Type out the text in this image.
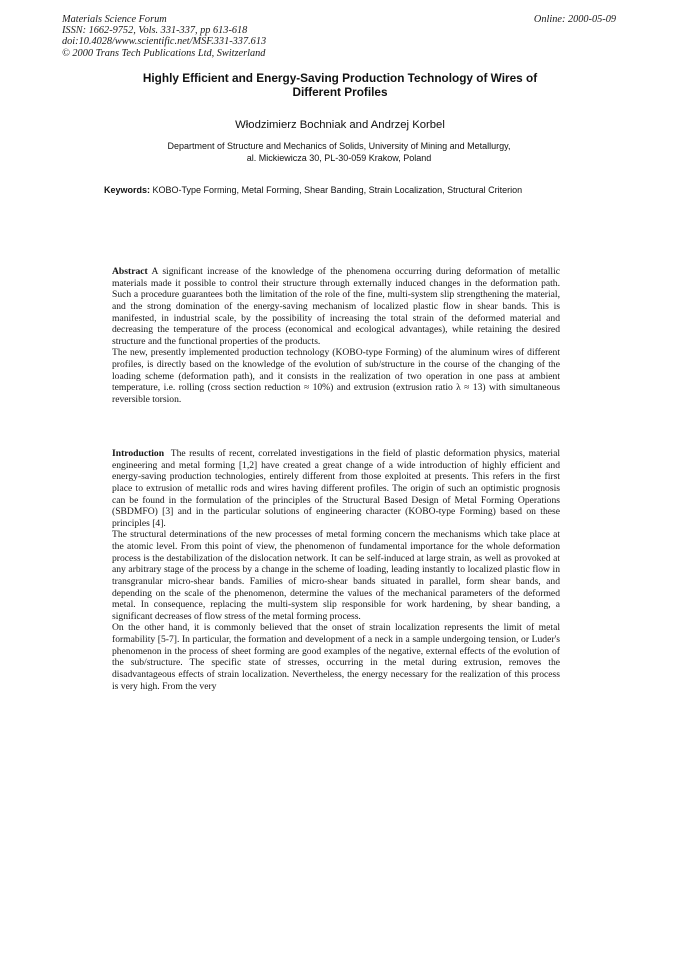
Materials Science Forum
ISSN: 1662-9752, Vols. 331-337, pp 613-618
doi:10.4028/www.scientific.net/MSF.331-337.613
© 2000 Trans Tech Publications Ltd, Switzerland
Online: 2000-05-09
Highly Efficient and Energy-Saving Production Technology of Wires of
Different Profiles
Włodzimierz Bochniak and Andrzej Korbel
Department of Structure and Mechanics of Solids, University of Mining and Metallurgy,
al. Mickiewicza 30, PL-30-059 Krakow, Poland
Keywords: KOBO-Type Forming, Metal Forming, Shear Banding, Strain Localization, Structural Criterion

Abstract A significant increase of the knowledge of the phenomena occurring during deformation of metallic materials made it possible to control their structure through externally induced changes in the deformation path. Such a procedure guarantees both the limitation of the role of the fine, multi-system slip strengthening the material, and the strong domination of the energy-saving mechanism of localized plastic flow in shear bands. This is manifested, in industrial scale, by the possibility of increasing the total strain of the deformed material and decreasing the temperature of the process (economical and ecological advantages), while retaining the desired structure and the functional properties of the products.

The new, presently implemented production technology (KOBO-type Forming) of the aluminum wires of different profiles, is directly based on the knowledge of the evolution of sub/structure in the course of the changing of the loading scheme (deformation path), and it consists in the realization of two operation in one pass at ambient temperature, i.e. rolling (cross section reduction ≈ 10%) and extrusion (extrusion ratio λ ≈ 13) with simultaneous reversible torsion.

Introduction The results of recent, correlated investigations in the field of plastic deformation physics, material engineering and metal forming [1,2] have created a great change of a wide introduction of highly efficient and energy-saving production technologies, entirely different from those exploited at presents. This refers in the first place to extrusion of metallic rods and wires having different profiles. The origin of such an optimistic prognosis can be found in the formulation of the principles of the Structural Based Design of Metal Forming Operations (SBDMFO) [3] and in the particular solutions of engineering character (KOBO-type Forming) based on these principles [4].

The structural determinations of the new processes of metal forming concern the mechanisms which take place at the atomic level. From this point of view, the phenomenon of fundamental importance for the whole deformation process is the destabilization of the dislocation network. It can be self-induced at large strain, as well as provoked at any arbitrary stage of the process by a change in the scheme of loading, leading instantly to localized plastic flow in transgranular micro-shear bands. Families of micro-shear bands situated in parallel, form shear bands, and depending on the scale of the phenomenon, determine the values of the mechanical parameters of the deformed metal. In consequence, replacing the multi-system slip responsible for work hardening, by shear banding, a significant decreases of flow stress of the metal forming process.

On the other hand, it is commonly believed that the onset of strain localization represents the limit of metal formability [5-7]. In particular, the formation and development of a neck in a sample undergoing tension, or Luder's phenomenon in the process of sheet forming are good examples of the negative, external effects of the evolution of the sub/structure. The specific state of stresses, occurring in the metal during extrusion, removes the disadvantageous effects of strain localization. Nevertheless, the energy necessary for the realization of this process is very high. From the very
